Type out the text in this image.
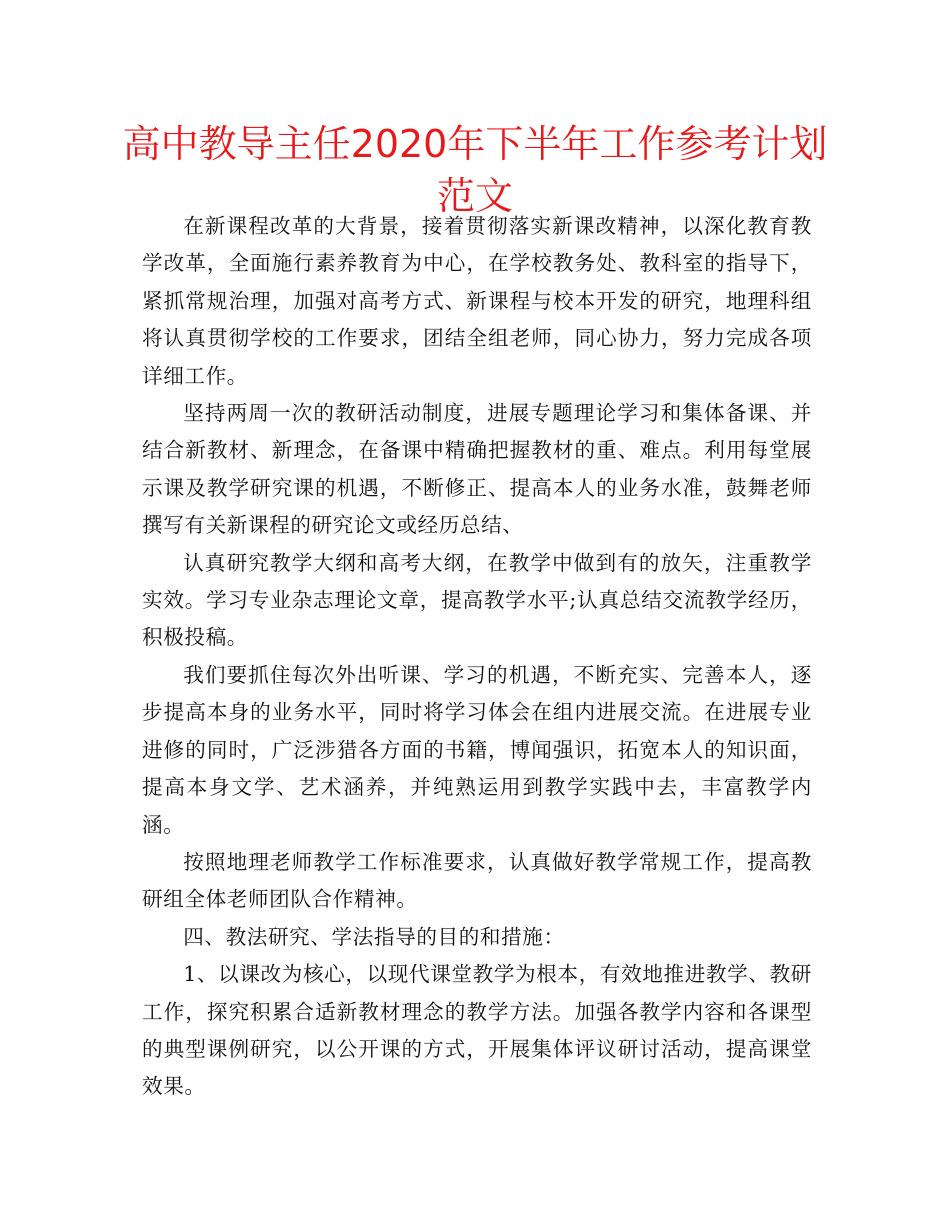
高中教导主任2020年下半年工作参考计划范文

在新课程改革的大背景，接着贯彻落实新课改精神，以深化教育教学改革，全面施行素养教育为中心，在学校教务处、教科室的指导下，紧抓常规治理，加强对高考方式、新课程与校本开发的研究，地理科组将认真贯彻学校的工作要求，团结全组老师，同心协力，努力完成各项详细工作。

坚持两周一次的教研活动制度，进展专题理论学习和集体备课、并结合新教材、新理念，在备课中精确把握教材的重、难点。利用每堂展示课及教学研究课的机遇，不断修正、提高本人的业务水准，鼓舞老师撰写有关新课程的研究论文或经历总结、

认真研究教学大纲和高考大纲，在教学中做到有的放矢，注重教学实效。学习专业杂志理论文章，提高教学水平;认真总结交流教学经历，积极投稿。

我们要抓住每次外出听课、学习的机遇，不断充实、完善本人，逐步提高本身的业务水平，同时将学习体会在组内进展交流。在进展专业进修的同时，广泛涉猎各方面的书籍，博闻强识，拓宽本人的知识面，提高本身文学、艺术涵养，并纯熟运用到教学实践中去，丰富教学内涵。

按照地理老师教学工作标准要求，认真做好教学常规工作，提高教研组全体老师团队合作精神。

四、教法研究、学法指导的目的和措施：

1、以课改为核心，以现代课堂教学为根本，有效地推进教学、教研工作，探究积累合适新教材理念的教学方法。加强各教学内容和各课型的典型课例研究，以公开课的方式，开展集体评议研讨活动，提高课堂效果。
